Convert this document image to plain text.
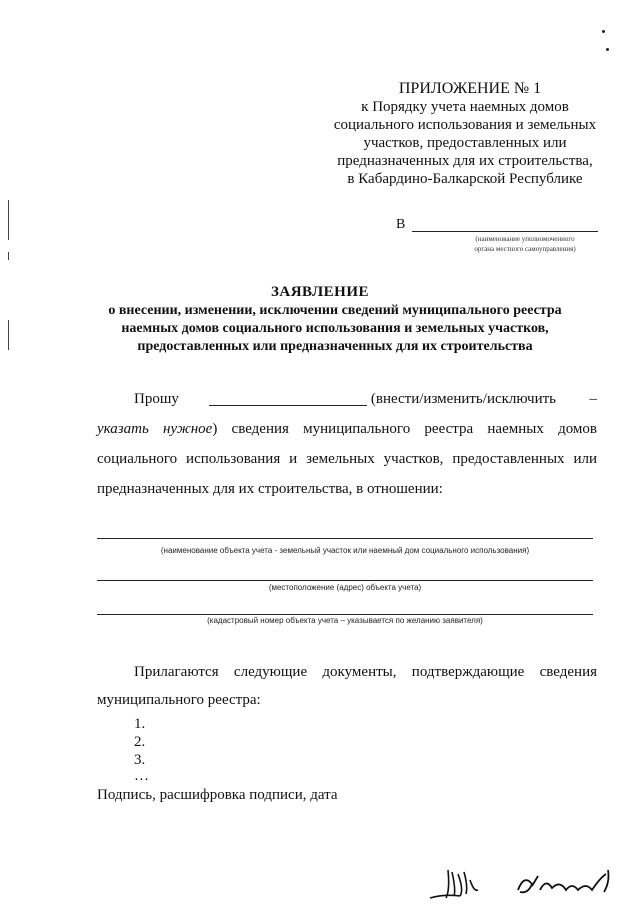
ПРИЛОЖЕНИЕ № 1
к Порядку учета наемных домов
социального использования и земельных
участков, предоставленных или
предназначенных для их строительства,
в Кабардино-Балкарской Республике
В
(наименование уполномоченного
органа местного самоуправления)
ЗАЯВЛЕНИЕ
о внесении, изменении, исключении сведений муниципального реестра
наемных домов социального использования и земельных участков,
предоставленных или предназначенных для их строительства
Прошу	(внести/изменить/исключить – указать нужное) сведения муниципального реестра наемных домов социального использования и земельных участков, предоставленных или предназначенных для их строительства, в отношении:
(наименование объекта учета - земельный участок или наемный дом социального использования)
(местоположение (адрес) объекта учета)
(кадастровый номер объекта учета – указывается по желанию заявителя)
Прилагаются следующие документы, подтверждающие сведения муниципального реестра:
1.
2.
3.
…
Подпись, расшифровка подписи, дата
